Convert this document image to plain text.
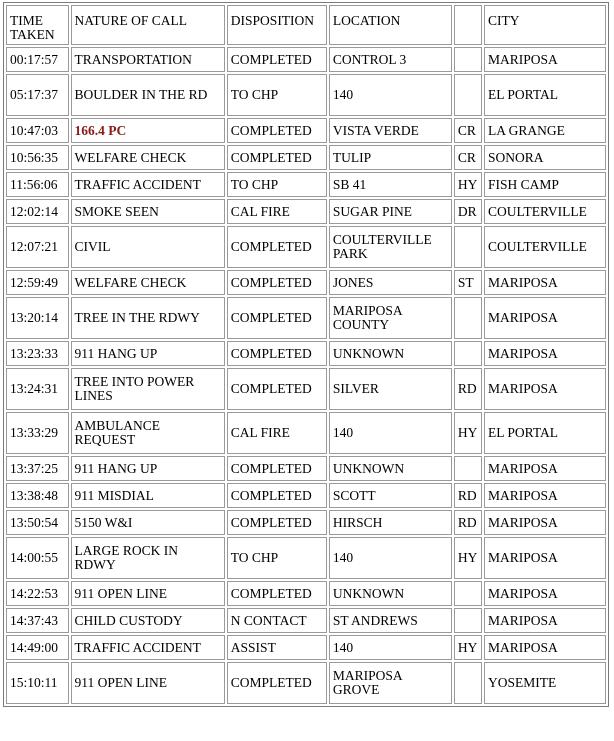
TIME TAKEN	NATURE OF CALL	DISPOSITION	LOCATION		CITY
00:17:57	TRANSPORTATION	COMPLETED	CONTROL 3		MARIPOSA
05:17:37	BOULDER IN THE RD	TO CHP	140		EL PORTAL
10:47:03	166.4 PC	COMPLETED	VISTA VERDE	CR	LA GRANGE
10:56:35	WELFARE CHECK	COMPLETED	TULIP	CR	SONORA
11:56:06	TRAFFIC ACCIDENT	TO CHP	SB 41	HY	FISH CAMP
12:02:14	SMOKE SEEN	CAL FIRE	SUGAR PINE	DR	COULTERVILLE
12:07:21	CIVIL	COMPLETED	COULTERVILLE PARK		COULTERVILLE
12:59:49	WELFARE CHECK	COMPLETED	JONES	ST	MARIPOSA
13:20:14	TREE IN THE RDWY	COMPLETED	MARIPOSA COUNTY		MARIPOSA
13:23:33	911 HANG UP	COMPLETED	UNKNOWN		MARIPOSA
13:24:31	TREE INTO POWER LINES	COMPLETED	SILVER	RD	MARIPOSA
13:33:29	AMBULANCE REQUEST	CAL FIRE	140	HY	EL PORTAL
13:37:25	911 HANG UP	COMPLETED	UNKNOWN		MARIPOSA
13:38:48	911 MISDIAL	COMPLETED	SCOTT	RD	MARIPOSA
13:50:54	5150 W&I	COMPLETED	HIRSCH	RD	MARIPOSA
14:00:55	LARGE ROCK IN RDWY	TO CHP	140	HY	MARIPOSA
14:22:53	911 OPEN LINE	COMPLETED	UNKNOWN		MARIPOSA
14:37:43	CHILD CUSTODY	N CONTACT	ST ANDREWS		MARIPOSA
14:49:00	TRAFFIC ACCIDENT	ASSIST	140	HY	MARIPOSA
15:10:11	911 OPEN LINE	COMPLETED	MARIPOSA GROVE		YOSEMITE
